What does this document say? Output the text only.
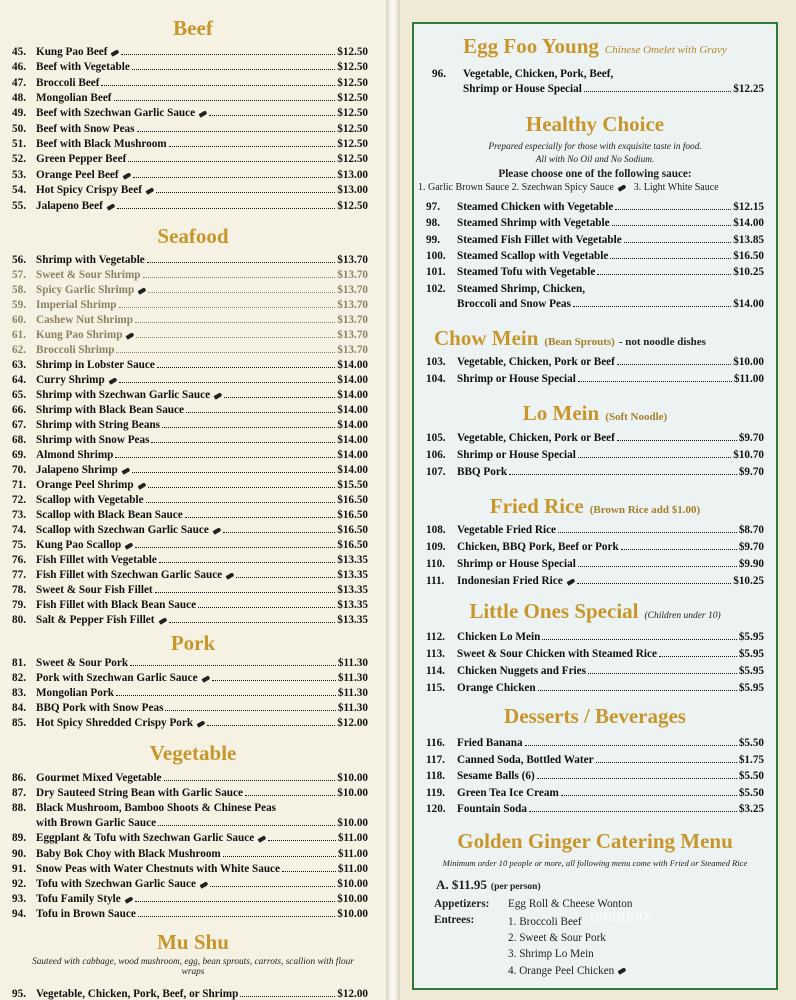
Beef
45. Kung Pao Beef	$12.50
46. Beef with Vegetable	$12.50
47. Broccoli Beef	$12.50
48. Mongolian Beef	$12.50
49. Beef with Szechwan Garlic Sauce	$12.50
50. Beef with Snow Peas	$12.50
51. Beef with Black Mushroom	$12.50
52. Green Pepper Beef	$12.50
53. Orange Peel Beef	$13.00
54. Hot Spicy Crispy Beef	$13.00
55. Jalapeno Beef	$12.50
Seafood
56. Shrimp with Vegetable	$13.70
57. Sweet & Sour Shrimp	$13.70
58. Spicy Garlic Shrimp	$13.70
59. Imperial Shrimp	$13.70
60. Cashew Nut Shrimp	$13.70
61. Kung Pao Shrimp	$13.70
62. Broccoli Shrimp	$13.70
63. Shrimp in Lobster Sauce	$14.00
64. Curry Shrimp	$14.00
65. Shrimp with Szechwan Garlic Sauce	$14.00
66. Shrimp with Black Bean Sauce	$14.00
67. Shrimp with String Beans	$14.00
68. Shrimp with Snow Peas	$14.00
69. Almond Shrimp	$14.00
70. Jalapeno Shrimp	$14.00
71. Orange Peel Shrimp	$15.50
72. Scallop with Vegetable	$16.50
73. Scallop with Black Bean Sauce	$16.50
74. Scallop with Szechwan Garlic Sauce	$16.50
75. Kung Pao Scallop	$16.50
76. Fish Fillet with Vegetable	$13.35
77. Fish Fillet with Szechwan Garlic Sauce	$13.35
78. Sweet & Sour Fish Fillet	$13.35
79. Fish Fillet with Black Bean Sauce	$13.35
80. Salt & Pepper Fish Fillet	$13.35
Pork
81. Sweet & Sour Pork	$11.30
82. Pork with Szechwan Garlic Sauce	$11.30
83. Mongolian Pork	$11.30
84. BBQ Pork with Snow Peas	$11.30
85. Hot Spicy Shredded Crispy Pork	$12.00
Vegetable
86. Gourmet Mixed Vegetable	$10.00
87. Dry Sauteed String Bean with Garlic Sauce	$10.00
88. Black Mushroom, Bamboo Shoots & Chinese Peas
with Brown Garlic Sauce	$10.00
89. Eggplant & Tofu with Szechwan Garlic Sauce	$11.00
90. Baby Bok Choy with Black Mushroom	$11.00
91. Snow Peas with Water Chestnuts with White Sauce	$11.00
92. Tofu with Szechwan Garlic Sauce	$10.00
93. Tofu Family Style	$10.00
94. Tofu in Brown Sauce	$10.00
Mu Shu
Sauteed with cabbage, wood mushroom, egg, bean sprouts, carrots, scallion with flour wraps
95. Vegetable, Chicken, Pork, Beef, or Shrimp	$12.00
Egg Foo Young Chinese Omelet with Gravy
96.	Vegetable, Chicken, Pork, Beef,
Shrimp or House Special	$12.25
Healthy Choice
Prepared especially for those with exquisite taste in food.
All with No Oil and No Sodium.
Please choose one of the following sauce:
1. Garlic Brown Sauce 2. Szechwan Spicy Sauce 3. Light White Sauce
97.	Steamed Chicken with Vegetable	$12.15
98.	Steamed Shrimp with Vegetable	$14.00
99.	Steamed Fish Fillet with Vegetable	$13.85
100.	Steamed Scallop with Vegetable	$16.50
101.	Steamed Tofu with Vegetable	$10.25
102.	Steamed Shrimp, Chicken,
Broccoli and Snow Peas	$14.00
Chow Mein (Bean Sprouts) - not noodle dishes
103.	Vegetable, Chicken, Pork or Beef	$10.00
104.	Shrimp or House Special	$11.00
Lo Mein (Soft Noodle)
105.	Vegetable, Chicken, Pork or Beef	$9.70
106.	Shrimp or House Special	$10.70
107.	BBQ Pork	$9.70
Fried Rice (Brown Rice add $1.00)
108.	Vegetable Fried Rice	$8.70
109.	Chicken, BBQ Pork, Beef or Pork	$9.70
110.	Shrimp or House Special	$9.90
111.	Indonesian Fried Rice	$10.25
Little Ones Special (Children under 10)
112.	Chicken Lo Mein	$5.95
113.	Sweet & Sour Chicken with Steamed Rice	$5.95
114.	Chicken Nuggets and Fries	$5.95
115.	Orange Chicken	$5.95
Desserts / Beverages
116.	Fried Banana	$5.50
117.	Canned Soda, Bottled Water	$1.75
118.	Sesame Balls (6)	$5.50
119.	Green Tea Ice Cream	$5.50
120.	Fountain Soda	$3.25
Golden Ginger Catering Menu
Minimum order 10 people or more, all following menu come with Fried or Steamed Rice
A. $11.95 (per person)
Appetizers: Egg Roll & Cheese Wonton
Entrees:	1. Broccoli Beef
2. Sweet & Sour Pork
3. Shrimp Lo Mein
4. Orange Peel Chicken
menupix
